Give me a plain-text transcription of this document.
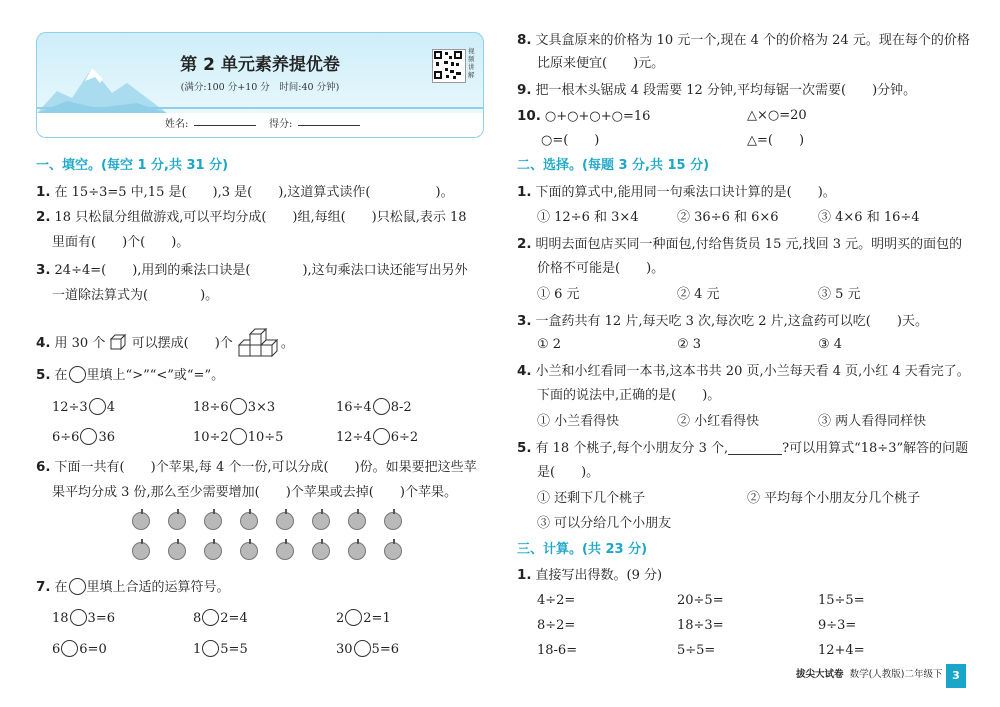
第 2 单元素养提优卷
(满分:100 分+10 分　时间:40 分钟)
视频讲解
姓名:	得分:
一、填空。(每空 1 分,共 31 分)
1. 在 15÷3=5 中,15 是(　　),3 是(　　),这道算式读作(　　　　　)。
2. 18 只松鼠分组做游戏,可以平均分成(　　)组,每组(　　)只松鼠,表示 18
里面有(　　)个(　　)。
3. 24÷4=(　　),用到的乘法口诀是(　　　　),这句乘法口诀还能写出另外
一道除法算式为(　　　　)。
4. 用 30 个 可以摆成(　　)个	。
5. 在 里填上“>”“<”或“=”。
12÷3 4	18÷6 3×3	16÷4 8-2
6÷6 36	10÷2 10÷5	12÷4 6÷2
6. 下面一共有(　　)个苹果,每 4 个一份,可以分成(　　)份。如果要把这些苹
果平均分成 3 份,那么至少需要增加(　　)个苹果或去掉(　　)个苹果。
7. 在 里填上合适的运算符号。
18 3=6	8 2=4	2 2=1
6 6=0	1 5=5	30 5=6
8. 文具盒原来的价格为 10 元一个,现在 4 个的价格为 24 元。现在每个的价格
比原来便宜(　　)元。
9. 把一根木头锯成 4 段需要 12 分钟,平均每锯一次需要(　　)分钟。
10. ○+○+○+○=16	△×○=20
○=(　　)	△=(　　)
二、选择。(每题 3 分,共 15 分)
1. 下面的算式中,能用同一句乘法口诀计算的是(　　)。
① 12÷6 和 3×4	② 36÷6 和 6×6	③ 4×6 和 16÷4
2. 明明去面包店买同一种面包,付给售货员 15 元,找回 3 元。明明买的面包的
价格不可能是(　　)。
① 6 元	② 4 元	③ 5 元
3. 一盒药共有 12 片,每天吃 3 次,每次吃 2 片,这盒药可以吃(　　)天。
① 2	② 3	③ 4
4. 小兰和小红看同一本书,这本书共 20 页,小兰每天看 4 页,小红 4 天看完了。
下面的说法中,正确的是(　　)。
① 小兰看得快	② 小红看得快	③ 两人看得同样快
5. 有 18 个桃子,每个小朋友分 3 个,	?可以用算式“18÷3”解答的问题
是(　　)。
① 还剩下几个桃子	② 平均每个小朋友分几个桃子
③ 可以分给几个小朋友
三、计算。(共 23 分)
1. 直接写出得数。(9 分)
4÷2=	20÷5=	15÷5=
8÷2=	18÷3=	9÷3=
18-6=	5÷5=	12+4=
拔尖大试卷 数学(人教版)二年级下 3
